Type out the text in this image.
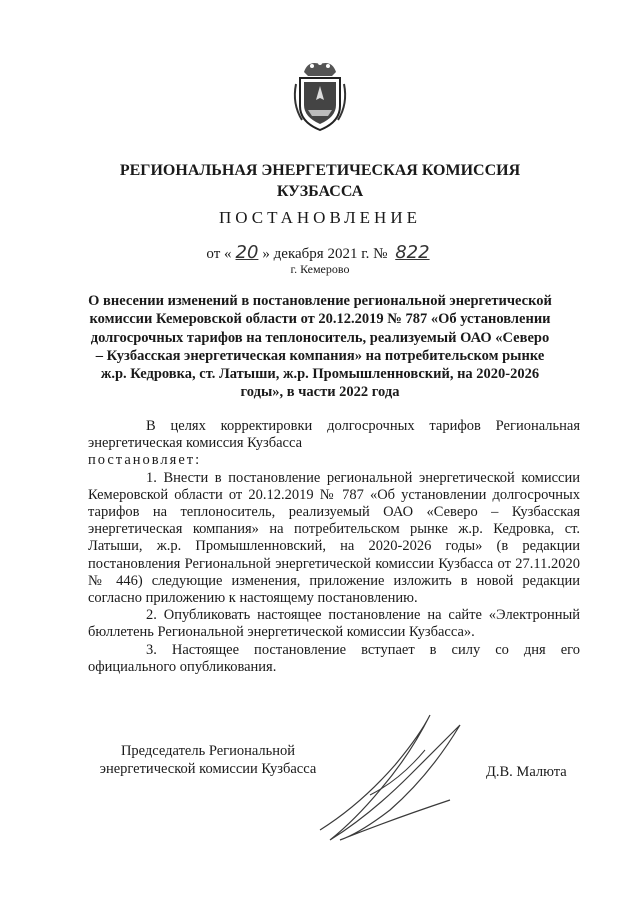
РЕГИОНАЛЬНАЯ ЭНЕРГЕТИЧЕСКАЯ КОМИССИЯ КУЗБАССА
ПОСТАНОВЛЕНИЕ
от « 20 » декабря 2021 г. № 822
г. Кемерово
О внесении изменений в постановление региональной энергетической комиссии Кемеровской области от 20.12.2019 № 787 «Об установлении долгосрочных тарифов на теплоноситель, реализуемый ОАО «Северо – Кузбасская энергетическая компания» на потребительском рынке ж.р. Кедровка, ст. Латыши, ж.р. Промышленновский, на 2020-2026 годы», в части 2022 года

В целях корректировки долгосрочных тарифов Региональная энергетическая комиссия Кузбасса

постановляет:

1. Внести в постановление региональной энергетической комиссии Кемеровской области от 20.12.2019 № 787 «Об установлении долгосрочных тарифов на теплоноситель, реализуемый ОАО «Северо – Кузбасская энергетическая компания» на потребительском рынке ж.р. Кедровка, ст. Латыши, ж.р. Промышленновский, на 2020-2026 годы» (в редакции постановления Региональной энергетической комиссии Кузбасса от 27.11.2020 № 446) следующие изменения, приложение изложить в новой редакции согласно приложению к настоящему постановлению.

2. Опубликовать настоящее постановление на сайте «Электронный бюллетень Региональной энергетической комиссии Кузбасса».

3. Настоящее постановление вступает в силу со дня его официального опубликования.

Председатель Региональной
энергетической комиссии Кузбасса	Д.В. Малюта
